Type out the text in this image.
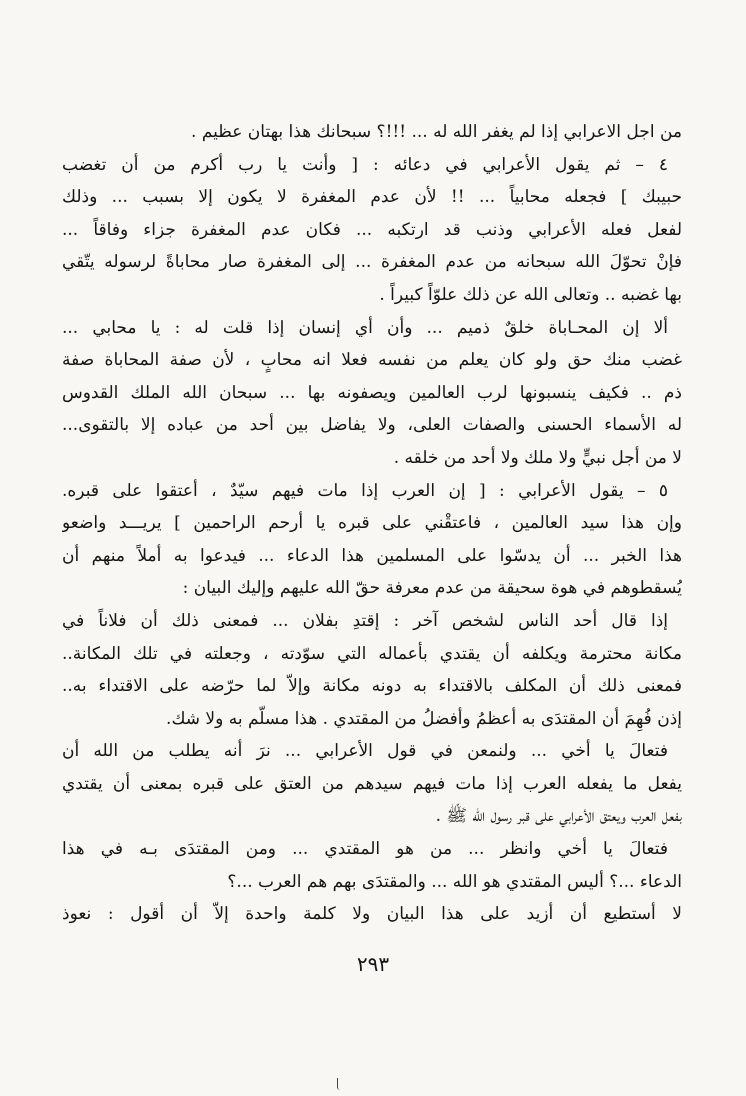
من اجل الاعرابي إذا لم يغفر الله له ... !!!؟ سبحانك هذا بهتان عظيم .
٤ – ثم يقول الأعرابي في دعائه : [ وأنت يا رب أكرم من أن تغضب
حبيبك ] فجعله محابياً ... !! لأن عدم المغفرة لا يكون إلا بسبب ... وذلك
لفعل فعله الأعرابي وذنب قد ارتكبه ... فكان عدم المغفرة جزاء وفاقاً ...
فإنْ تحوّلَ الله سبحانه من عدم المغفرة ... إلى المغفرة صار محاباةً لرسوله يتّقي
بها غضبه .. وتعالى الله عن ذلك علوّاً كبيراً .
ألا إن المحـاباة خلقٌ ذميم ... وأن أي إنسان إذا قلت له : يا محابي ...
غضب منك حق ولو كان يعلم من نفسه فعلا انه محابٍ ، لأن صفة المحاباة صفة
ذم .. فكيف ينسبونها لرب العالمين ويصفونه بها ... سبحان الله الملك القدوس
له الأسماء الحسنى والصفات العلى، ولا يفاضل بين أحد من عباده إلا بالتقوى...
لا من أجل نبيٍّ ولا ملك ولا أحد من خلقه .
٥ – يقول الأعرابي : [ إن العرب إذا مات فيهم سيّدٌ ، أعتقوا على قبره.
وإن هذا سيد العالمين ، فاعتقْني على قبره يا أرحم الراحمين ] يريـــد واضعو
هذا الخبر ... أن يدسّوا على المسلمين هذا الدعاء ... فيدعوا به أملاً منهم أن
يُسقطوهم في هوة سحيقة من عدم معرفة حقّ الله عليهم وإليك البيان :
إذا قال أحد الناس لشخص آخر : إقتدِ بفلان ... فمعنى ذلك أن فلاناً في
مكانة محترمة ويكلفه أن يقتدي بأعماله التي سوّدته ، وجعلته في تلك المكانة..
فمعنى ذلك أن المكلف بالاقتداء به دونه مكانة وإلاّ لما حرّضه على الاقتداء به..
إذن فُهِمَ أن المقتدَى به أعظمُ وأفضلُ من المقتدي . هذا مسلّم به ولا شك.
فتعالَ يا أخي ... ولنمعن في قول الأعرابي ... نرَ أنه يطلب من الله أن
يفعل ما يفعله العرب إذا مات فيهم سيدهم من العتق على قبره بمعنى أن يقتدي
بفعل العرب ويعتق الأعرابي على قبر رسول الله ﷺ .
فتعالَ يا أخي وانظر ... من هو المقتدي ... ومن المقتدَى بـه في هذا
الدعاء ...؟ أليس المقتدي هو الله ... والمقتدَى بهم هم العرب ...؟
لا أستطيع أن أزيد على هذا البيان ولا كلمة واحدة إلاّ أن أقول : نعوذ
٢٩٣
